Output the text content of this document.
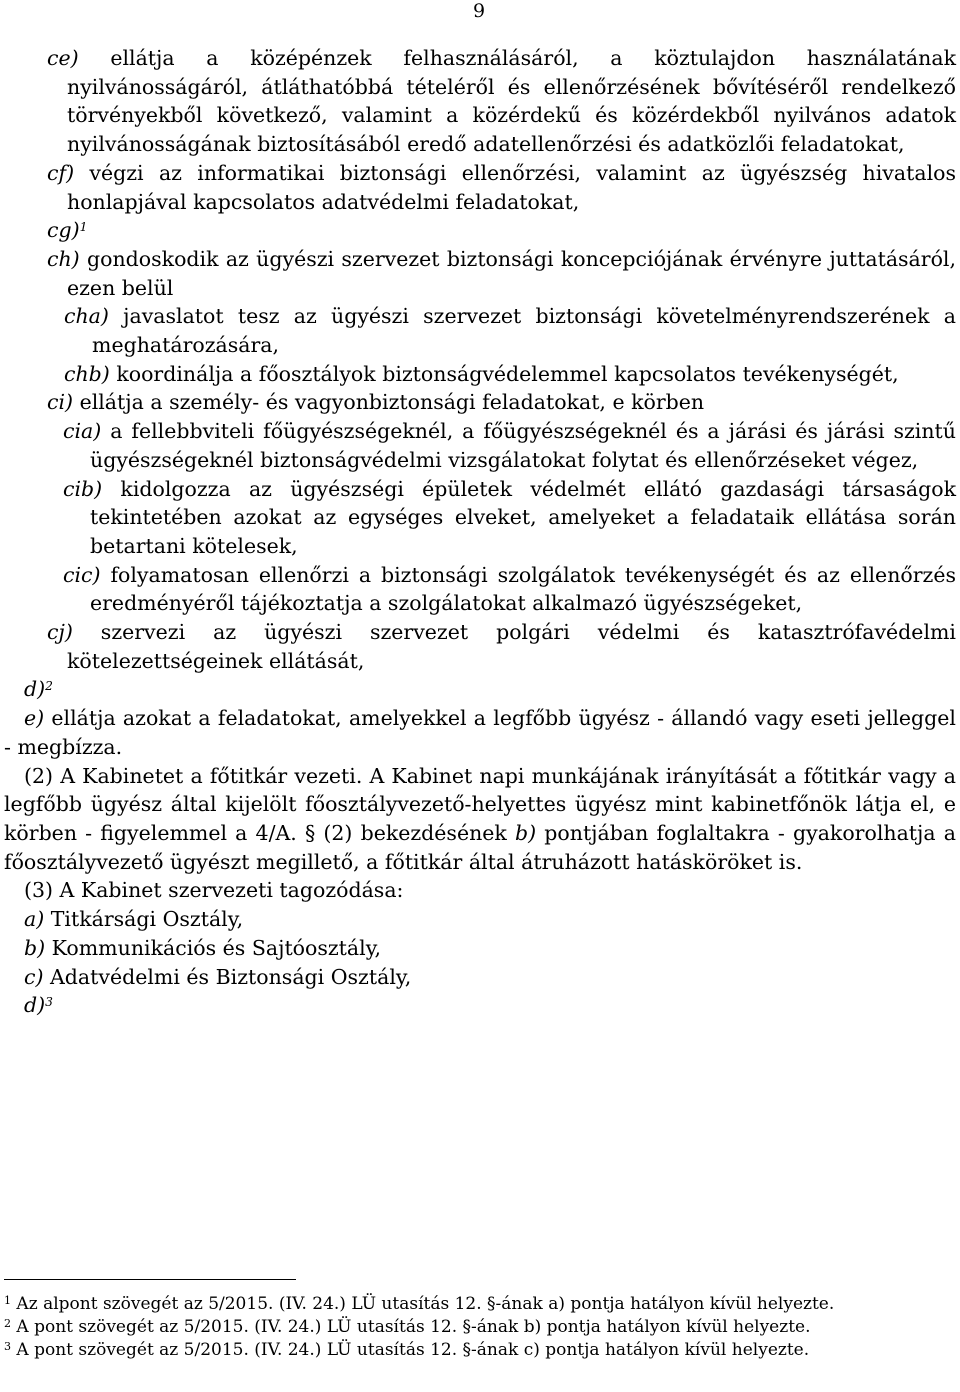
9

ce) ellátja a középénzek felhasználásáról, a köztulajdon használatának nyilvánosságáról, átláthatóbbá tételéről és ellenőrzésének bővítéséről rendelkező törvényekből következő, valamint a közérdekű és közérdekből nyilvános adatok nyilvánosságának biztosításából eredő adatellenőrzési és adatközlői feladatokat,

cf) végzi az informatikai biztonsági ellenőrzési, valamint az ügyészség hivatalos honlapjával kapcsolatos adatvédelmi feladatokat,

cg)$^1$

ch) gondoskodik az ügyészi szervezet biztonsági koncepciójának érvényre juttatásáról, ezen belül

cha) javaslatot tesz az ügyészi szervezet biztonsági követelményrendszerének a meghatározására,

chb) koordinálja a főosztályok biztonságvédelemmel kapcsolatos tevékenységét,

ci) ellátja a személy- és vagyonbiztonsági feladatokat, e körben

cia) a fellebbviteli főügyészségeknél, a főügyészségeknél és a járási és járási szintű ügyészségeknél biztonságvédelmi vizsgálatokat folytat és ellenőrzéseket végez,

cib) kidolgozza az ügyészségi épületek védelmét ellátó gazdasági társaságok tekintetében azokat az egységes elveket, amelyeket a feladataik ellátása során betartani kötelesek,

cic) folyamatosan ellenőrzi a biztonsági szolgálatok tevékenységét és az ellenőrzés eredményéről tájékoztatja a szolgálatokat alkalmazó ügyészségeket,

cj) szervezi az ügyészi szervezet polgári védelmi és katasztrófavédelmi kötelezettségeinek ellátását,

d)$^2$

e) ellátja azokat a feladatokat, amelyekkel a legfőbb ügyész - állandó vagy eseti jelleggel - megbízza.

(2) A Kabinetet a főtitkár vezeti. A Kabinet napi munkájának irányítását a főtitkár vagy a legfőbb ügyész által kijelölt főosztályvezető-helyettes ügyész mint kabinetfőnök látja el, e körben - figyelemmel a 4/A. § (2) bekezdésének b) pontjában foglaltakra - gyakorolhatja a főosztályvezető ügyészt megillető, a főtitkár által átruházott hatásköröket is.

(3) A Kabinet szervezeti tagozódása:

a) Titkársági Osztály,

b) Kommunikációs és Sajtóosztály,

c) Adatvédelmi és Biztonsági Osztály,

d)$^3$

$^1$ Az alpont szövegét az 5/2015. (IV. 24.) LÜ utasítás 12. §-ának a) pontja hatályon kívül helyezte.

$^2$ A pont szövegét az 5/2015. (IV. 24.) LÜ utasítás 12. §-ának b) pontja hatályon kívül helyezte.

$^3$ A pont szövegét az 5/2015. (IV. 24.) LÜ utasítás 12. §-ának c) pontja hatályon kívül helyezte.
